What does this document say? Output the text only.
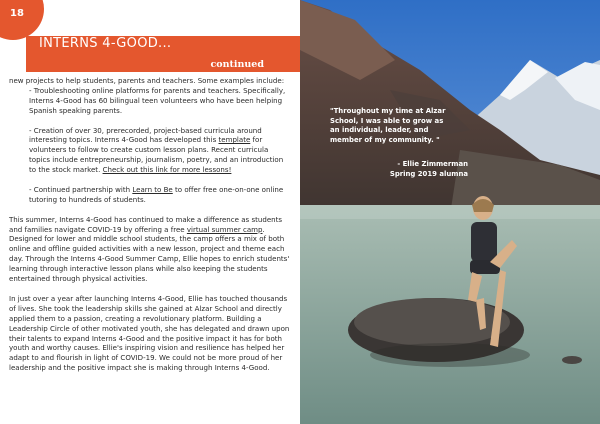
18
INTERNS 4-GOOD...
continued

new projects to help students, parents and teachers. Some examples include:

- Troubleshooting online platforms for parents and teachers. Specifically, Interns 4-Good has 60 bilingual teen volunteers who have been helping Spanish speaking parents.

- Creation of over 30, prerecorded, project-based curricula around interesting topics. Interns 4-Good has developed this template for volunteers to follow to create custom lesson plans. Recent curricula topics include entrepreneurship, journalism, poetry, and an introduction to the stock market. Check out this link for more lessons!

- Continued partnership with Learn to Be to offer free one-on-one online tutoring to hundreds of students.

This summer, Interns 4-Good has continued to make a difference as students and families navigate COVID-19 by offering a free virtual summer camp. Designed for lower and middle school students, the camp offers a mix of both online and offline guided activities with a new lesson, project and theme each day. Through the Interns 4-Good Summer Camp, Ellie hopes to enrich students' learning through interactive lesson plans while also keeping the students entertained through physical activities.

In just over a year after launching Interns 4-Good, Ellie has touched thousands of lives. She took the leadership skills she gained at Alzar School and directly applied them to a passion, creating a revolutionary platform. Building a Leadership Circle of other motivated youth, she has delegated and drawn upon their talents to expand Interns 4-Good and the positive impact it has for both youth and worthy causes. Ellie's inspiring vision and resilience has helped her adapt to and flourish in light of COVID-19. We could not be more proud of her leadership and the positive impact she is making through Interns 4-Good.

"Throughout my time at Alzar School, I was able to grow as an individual, leader, and member of my community. "
- Ellie Zimmerman
Spring 2019 alumna
